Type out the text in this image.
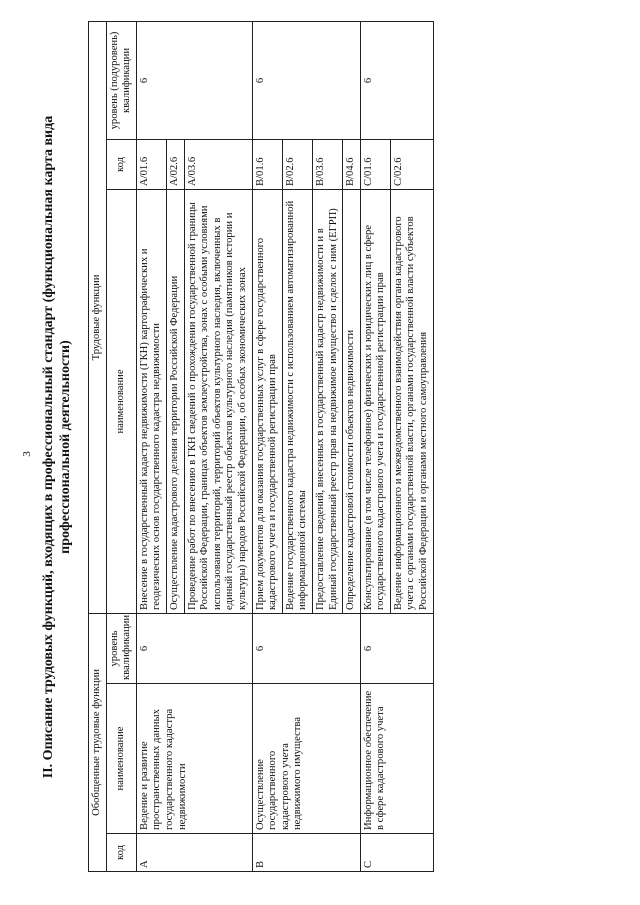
3 II. Описание трудовых функций, входящих в профессиональный стандарт (функциональная карта вида профессиональной деятельности)
Обобщенные трудовые функции			Трудовые функции		
код	наименование	уровень квалификации	наименование	код	уровень (подуровень) квалификации
A	Ведение и развитие пространственных данных государственного кадастра недвижимости	6	Внесение в государственный кадастр недвижимости (ГКН) картографических и геодезических основ государственного кадастра недвижимости	A/01.6	6
			Осуществление кадастрового деления территории Российской Федерации	A/02.6	
			Проведение работ по внесению в ГКН сведений о прохождении государственной границы Российской Федерации, границах объектов землеустройства, зонах с особыми условиями использования территорий, территорий объектов культурного наследия, включенных в единый государственный реестр объектов культурного наследия (памятников истории и культуры) народов Российской Федерации, об особых экономических зонах	A/03.6	
B	Осуществление государственного кадастрового учета недвижимого имущества	6	Прием документов для оказания государственных услуг в сфере государственного кадастрового учета и государственной регистрации прав	B/01.6	6
			Ведение государственного кадастра недвижимости с использованием автоматизированной информационной системы	B/02.6	
			Предоставление сведений, внесенных в государственный кадастр недвижимости и в Единый государственный реестр прав на недвижимое имущество и сделок с ним (ЕГРП)	B/03.6	
			Определение кадастровой стоимости объектов недвижимости	B/04.6	
C	Информационное обеспечение в сфере кадастрового учета	6	Консультирование (в том числе телефонное) физических и юридических лиц в сфере государственного кадастрового учета и государственной регистрации прав	C/01.6	6
			Ведение информационного и межведомственного взаимодействия органа кадастрового учета с органами государственной власти, органами государственной власти субъектов Российской Федерации и органами местного самоуправления	C/02.6	
